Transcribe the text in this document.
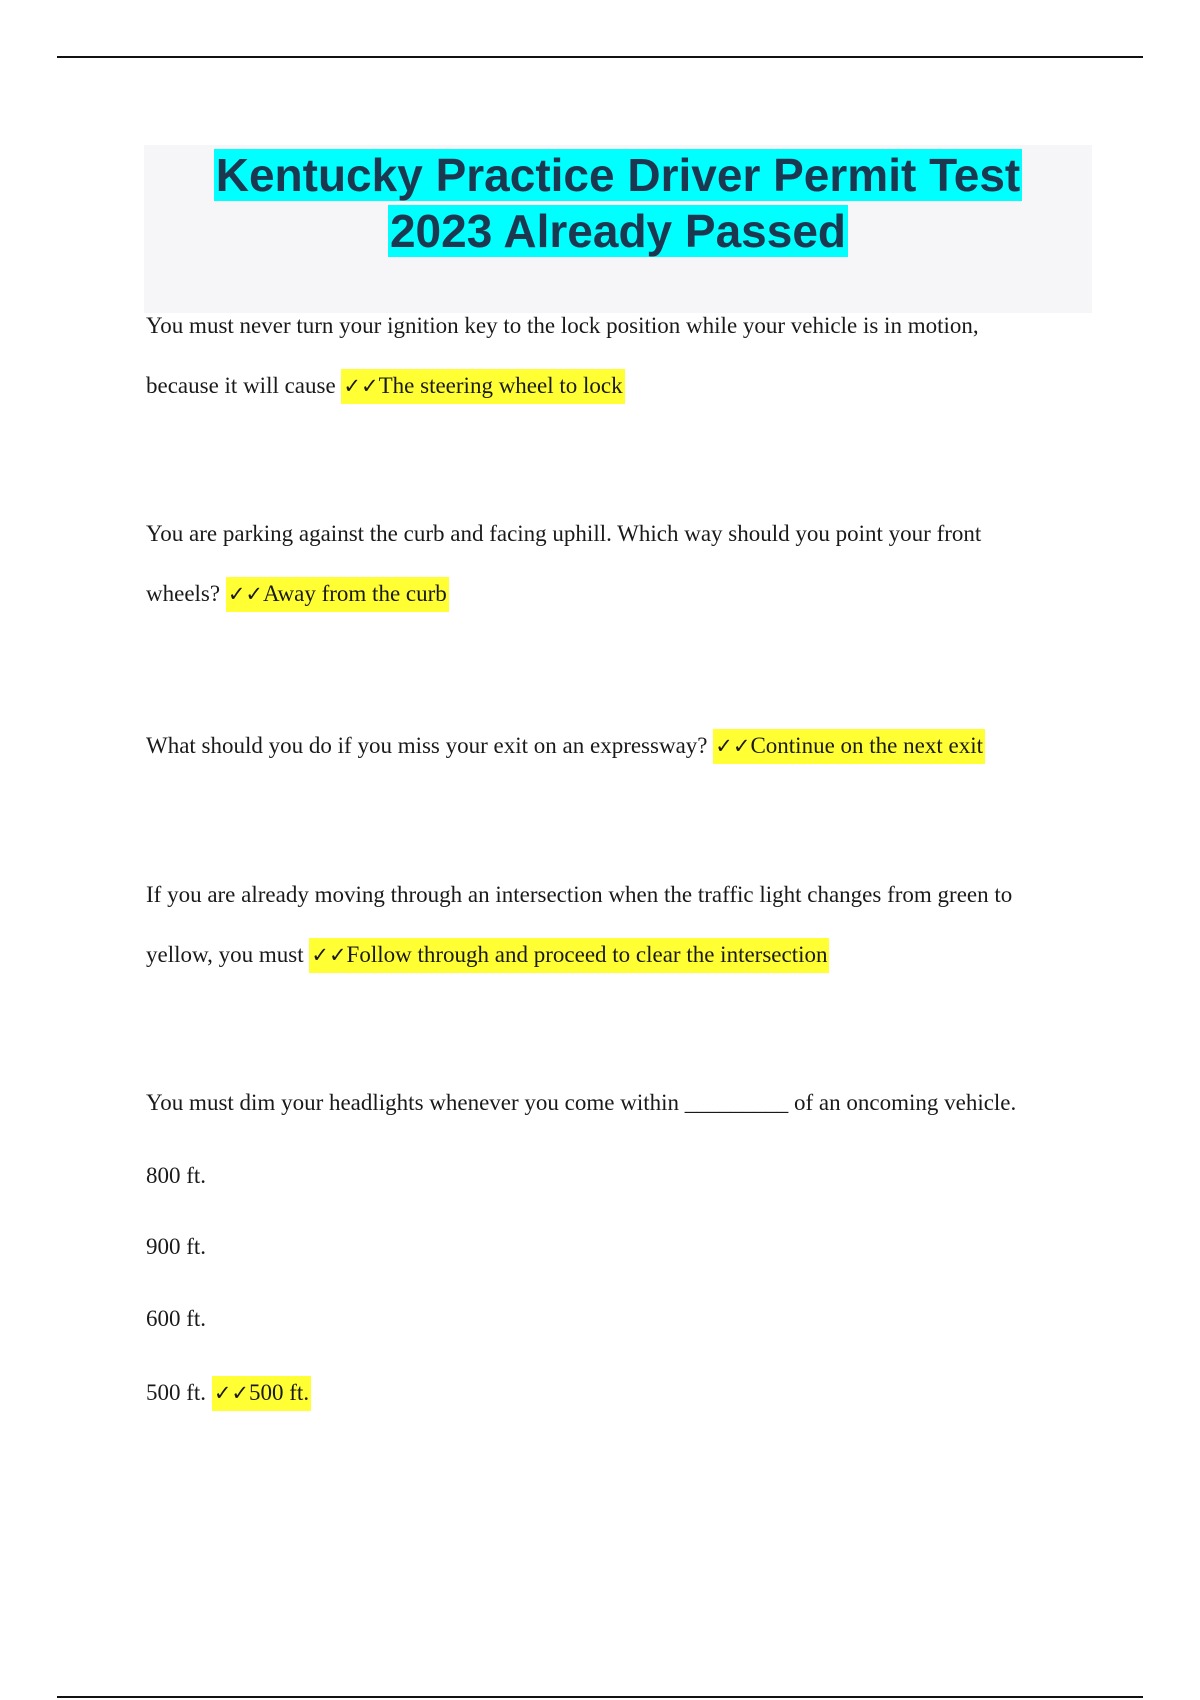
Kentucky Practice Driver Permit Test
2023 Already Passed

You must never turn your ignition key to the lock position while your vehicle is in motion,
because it will cause ✓✓The steering wheel to lock

You are parking against the curb and facing uphill. Which way should you point your front
wheels? ✓✓Away from the curb

What should you do if you miss your exit on an expressway? ✓✓Continue on the next exit

If you are already moving through an intersection when the traffic light changes from green to
yellow, you must ✓✓Follow through and proceed to clear the intersection

You must dim your headlights whenever you come within _________ of an oncoming vehicle.

800 ft.

900 ft.

600 ft.

500 ft. ✓✓500 ft.
